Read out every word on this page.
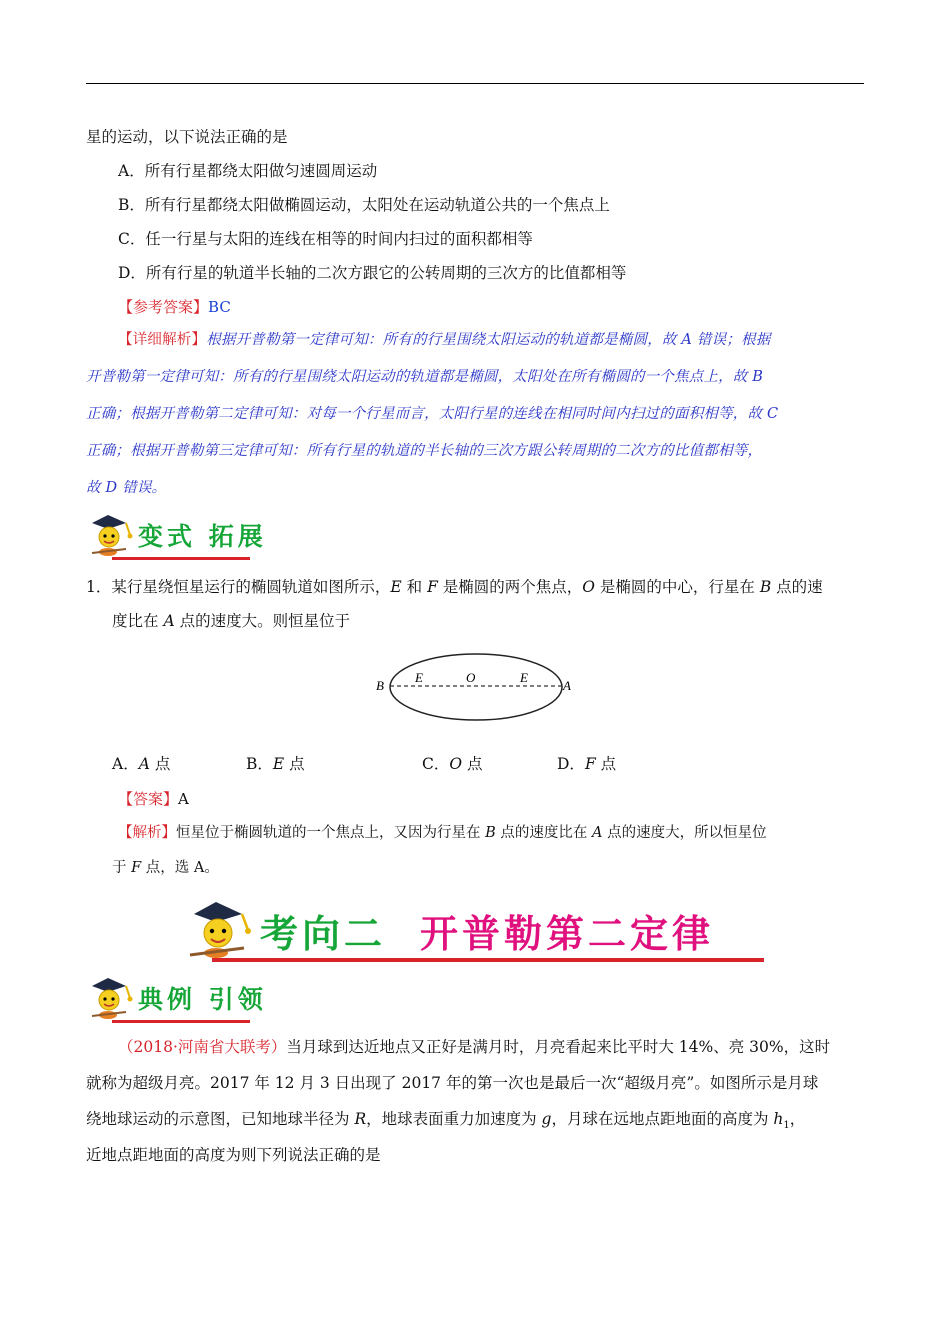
星的运动，以下说法正确的是
A．所有行星都绕太阳做匀速圆周运动
B．所有行星都绕太阳做椭圆运动，太阳处在运动轨道公共的一个焦点上
C．任一行星与太阳的连线在相等的时间内扫过的面积都相等
D．所有行星的轨道半长轴的二次方跟它的公转周期的三次方的比值都相等
【参考答案】BC
【详细解析】根据开普勒第一定律可知：所有的行星围绕太阳运动的轨道都是椭圆，故 A 错误；根据
开普勒第一定律可知：所有的行星围绕太阳运动的轨道都是椭圆，太阳处在所有椭圆的一个焦点上，故 B
正确；根据开普勒第二定律可知：对每一个行星而言，太阳行星的连线在相同时间内扫过的面积相等，故 C
正确；根据开普勒第三定律可知：所有行星的轨道的半长轴的三次方跟公转周期的二次方的比值都相等，
故 D 错误。
变式 拓展
1．某行星绕恒星运行的椭圆轨道如图所示，E 和 F 是椭圆的两个焦点，O 是椭圆的中心，行星在 B 点的速
度比在 A 点的速度大。则恒星位于
B
E	O	E
A
A．A 点	B．E 点	C．O 点	D．F 点
【答案】A
【解析】恒星位于椭圆轨道的一个焦点上，又因为行星在 B 点的速度比在 A 点的速度大，所以恒星位
于 F 点，选 A。
考向二 开普勒第二定律
典例 引领
（2018·河南省大联考）当月球到达近地点又正好是满月时，月亮看起来比平时大 14%、亮 30%，这时
就称为超级月亮。2017 年 12 月 3 日出现了 2017 年的第一次也是最后一次“超级月亮”。如图所示是月球
绕地球运动的示意图，已知地球半径为 R，地球表面重力加速度为 g，月球在远地点距地面的高度为 $h_1$，
近地点距地面的高度为则下列说法正确的是
